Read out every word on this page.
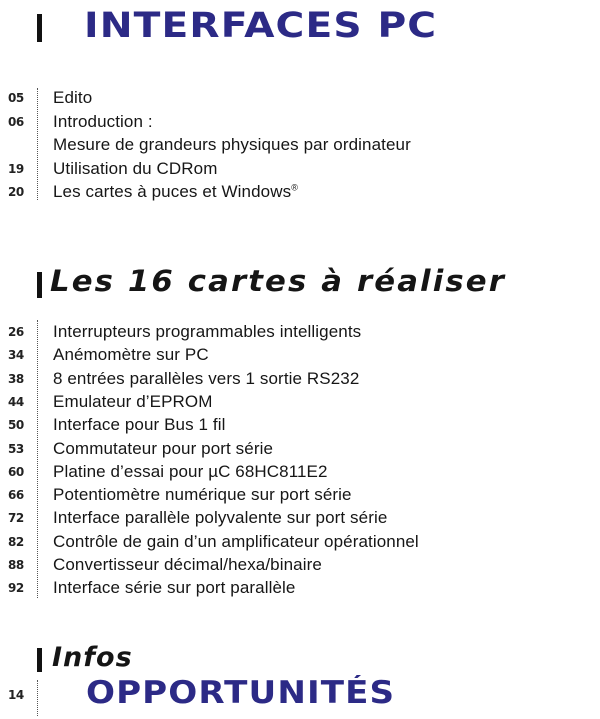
INTERFACES PC
05	Edito
06	Introduction :
Mesure de grandeurs physiques par ordinateur
19	Utilisation du CDRom
20	Les cartes à puces et Windows®
Les 16 cartes à réaliser
26	Interrupteurs programmables intelligents
34	Anémomètre sur PC
38	8 entrées parallèles vers 1 sortie RS232
44	Emulateur d’EPROM
50	Interface pour Bus 1 fil
53	Commutateur pour port série
60	Platine d’essai pour µC 68HC811E2
66	Potentiomètre numérique sur port série
72	Interface parallèle polyvalente sur port série
82	Contrôle de gain d’un amplificateur opérationnel
88	Convertisseur décimal/hexa/binaire
92	Interface série sur port parallèle
Infos
14 OPPORTUNITÉS
